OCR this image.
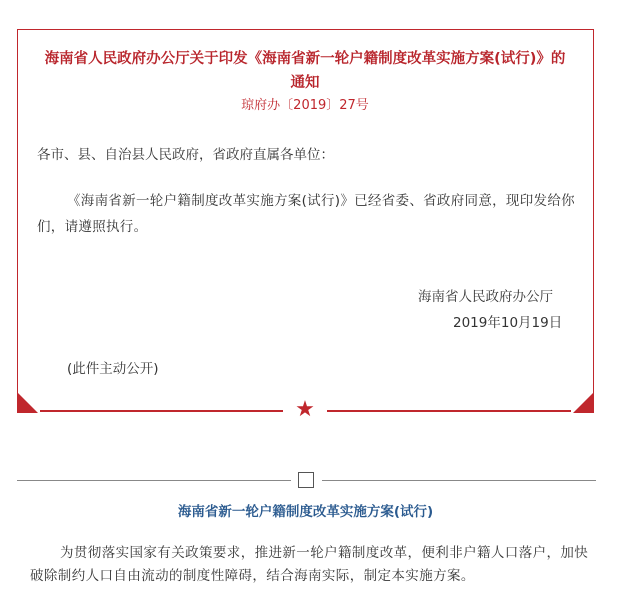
★
海南省人民政府办公厅关于印发《海南省新一轮户籍制度改革实施方案(试行)》的通知
琼府办〔2019〕27号
各市、县、自治县人民政府，省政府直属各单位：
《海南省新一轮户籍制度改革实施方案(试行)》已经省委、省政府同意，现印发给你们，请遵照执行。
海南省人民政府办公厅
2019年10月19日
(此件主动公开)
海南省新一轮户籍制度改革实施方案(试行)
为贯彻落实国家有关政策要求，推进新一轮户籍制度改革，便利非户籍人口落户，加快破除制约人口自由流动的制度性障碍，结合海南实际，制定本实施方案。
